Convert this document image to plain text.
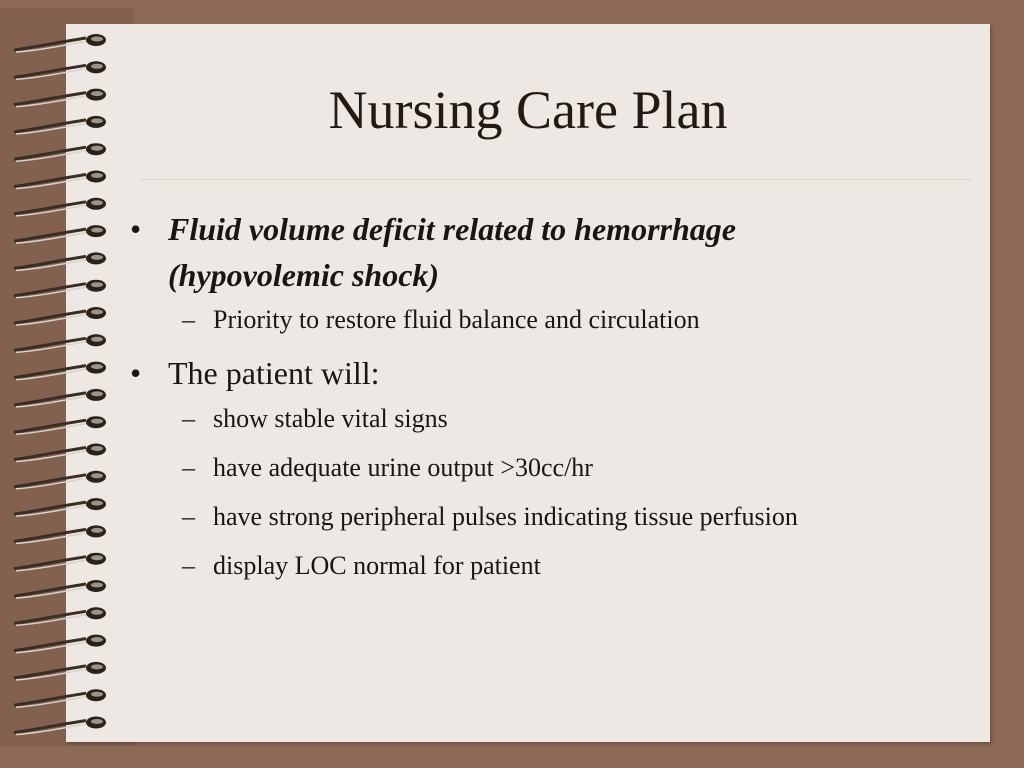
Nursing Care Plan
• Fluid volume deficit related to hemorrhage (hypovolemic shock)
– Priority to restore fluid balance and circulation
• The patient will:
– show stable vital signs
– have adequate urine output >30cc/hr
– have strong peripheral pulses indicating tissue perfusion
– display LOC normal for patient
